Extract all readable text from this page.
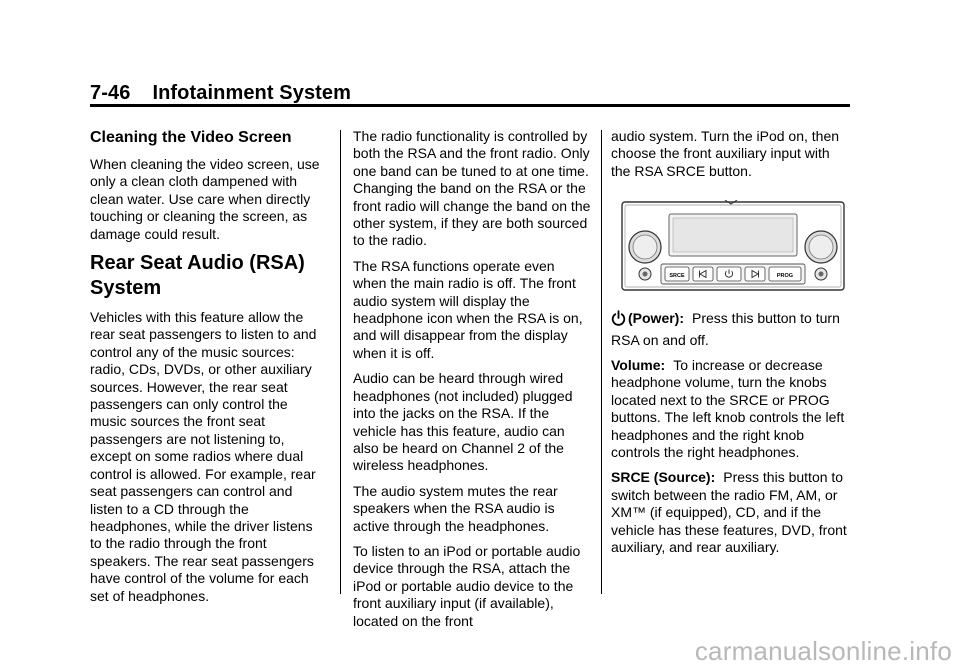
7-46 Infotainment System
Cleaning the Video Screen

When cleaning the video screen, use only a clean cloth dampened with clean water. Use care when directly touching or cleaning the screen, as damage could result.

Rear Seat Audio (RSA) System

Vehicles with this feature allow the rear seat passengers to listen to and control any of the music sources: radio, CDs, DVDs, or other auxiliary sources. However, the rear seat passengers can only control the music sources the front seat passengers are not listening to, except on some radios where dual control is allowed. For example, rear seat passengers can control and listen to a CD through the headphones, while the driver listens to the radio through the front speakers. The rear seat passengers have control of the volume for each set of headphones.

The radio functionality is controlled by both the RSA and the front radio. Only one band can be tuned to at one time. Changing the band on the RSA or the front radio will change the band on the other system, if they are both sourced to the radio.

The RSA functions operate even when the main radio is off. The front audio system will display the headphone icon when the RSA is on, and will disappear from the display when it is off.

Audio can be heard through wired headphones (not included) plugged into the jacks on the RSA. If the vehicle has this feature, audio can also be heard on Channel 2 of the wireless headphones.

The audio system mutes the rear speakers when the RSA audio is active through the headphones.

To listen to an iPod or portable audio device through the RSA, attach the iPod or portable audio device to the front auxiliary input (if available), located on the front

audio system. Turn the iPod on, then choose the front auxiliary input with the RSA SRCE button.

SRCE	PROG

(Power): Press this button to turn RSA on and off.

Volume: To increase or decrease headphone volume, turn the knobs located next to the SRCE or PROG buttons. The left knob controls the left headphones and the right knob controls the right headphones.

SRCE (Source): Press this button to switch between the radio FM, AM, or XM™ (if equipped), CD, and if the vehicle has these features, DVD, front auxiliary, and rear auxiliary.

carmanualsonline.info
